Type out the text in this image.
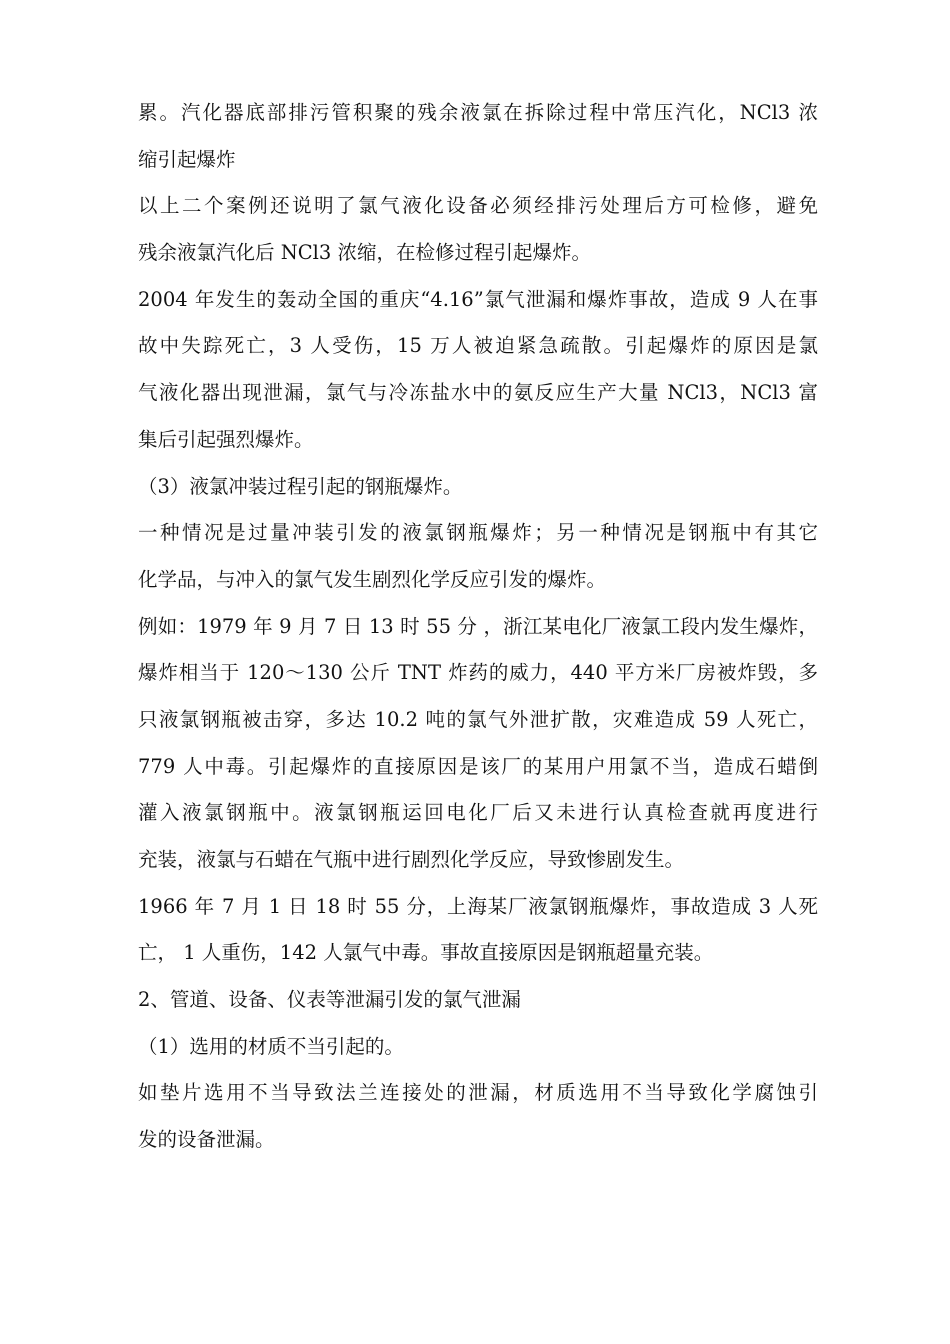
累。汽化器底部排污管积聚的残余液氯在拆除过程中常压汽化，NCl3 浓
缩引起爆炸
以上二个案例还说明了氯气液化设备必须经排污处理后方可检修，避免
残余液氯汽化后 NCl3 浓缩，在检修过程引起爆炸。
2004 年发生的轰动全国的重庆“4.16”氯气泄漏和爆炸事故，造成 9 人在事
故中失踪死亡，3 人受伤，15 万人被迫紧急疏散。引起爆炸的原因是氯
气液化器出现泄漏，氯气与冷冻盐水中的氨反应生产大量 NCl3，NCl3 富
集后引起强烈爆炸。
（3）液氯冲装过程引起的钢瓶爆炸。
一种情况是过量冲装引发的液氯钢瓶爆炸；另一种情况是钢瓶中有其它
化学品，与冲入的氯气发生剧烈化学反应引发的爆炸。
例如：1979 年 9 月 7 日 13 时 55 分 ，浙江某电化厂液氯工段内发生爆炸，
爆炸相当于 120～130 公斤 TNT 炸药的威力，440 平方米厂房被炸毁，多
只液氯钢瓶被击穿，多达 10.2 吨的氯气外泄扩散，灾难造成 59 人死亡，
779 人中毒。引起爆炸的直接原因是该厂的某用户用氯不当，造成石蜡倒
灌入液氯钢瓶中。液氯钢瓶运回电化厂后又未进行认真检查就再度进行
充装，液氯与石蜡在气瓶中进行剧烈化学反应，导致惨剧发生。
1966 年 7 月 1 日 18 时 55 分，上海某厂液氯钢瓶爆炸，事故造成 3 人死
亡， 1 人重伤，142 人氯气中毒。事故直接原因是钢瓶超量充装。
2、管道、设备、仪表等泄漏引发的氯气泄漏
（1）选用的材质不当引起的。
如垫片选用不当导致法兰连接处的泄漏，材质选用不当导致化学腐蚀引
发的设备泄漏。
